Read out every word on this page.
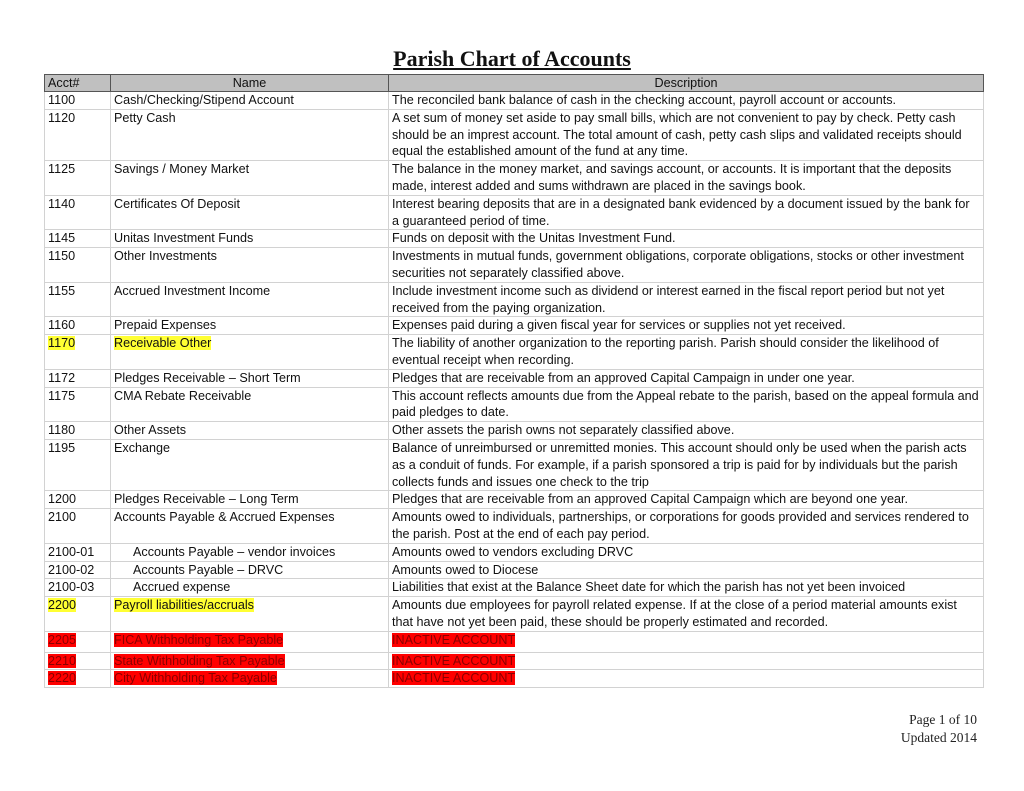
Parish Chart of Accounts
Acct#	Name	Description
1100	Cash/Checking/Stipend Account	The reconciled bank balance of cash in the checking account, payroll account or accounts.
1120	Petty Cash	A set sum of money set aside to pay small bills, which are not convenient to pay by check. Petty cash should be an imprest account. The total amount of cash, petty cash slips and validated receipts should equal the established amount of the fund at any time.
1125	Savings / Money Market	The balance in the money market, and savings account, or accounts. It is important that the deposits made, interest added and sums withdrawn are placed in the savings book.
1140	Certificates Of Deposit	Interest bearing deposits that are in a designated bank evidenced by a document issued by the bank for a guaranteed period of time.
1145	Unitas Investment Funds	Funds on deposit with the Unitas Investment Fund.
1150	Other Investments	Investments in mutual funds, government obligations, corporate obligations, stocks or other investment securities not separately classified above.
1155	Accrued Investment Income	Include investment income such as dividend or interest earned in the fiscal report period but not yet received from the paying organization.
1160	Prepaid Expenses	Expenses paid during a given fiscal year for services or supplies not yet received.
1170	Receivable Other	The liability of another organization to the reporting parish. Parish should consider the likelihood of eventual receipt when recording.
1172	Pledges Receivable – Short Term	Pledges that are receivable from an approved Capital Campaign in under one year.
1175	CMA Rebate Receivable	This account reflects amounts due from the Appeal rebate to the parish, based on the appeal formula and paid pledges to date.
1180	Other Assets	Other assets the parish owns not separately classified above.
1195	Exchange	Balance of unreimbursed or unremitted monies. This account should only be used when the parish acts as a conduit of funds. For example, if a parish sponsored a trip is paid for by individuals but the parish collects funds and issues one check to the trip
1200	Pledges Receivable – Long Term	Pledges that are receivable from an approved Capital Campaign which are beyond one year.
2100	Accounts Payable & Accrued Expenses	Amounts owed to individuals, partnerships, or corporations for goods provided and services rendered to the parish. Post at the end of each pay period.
2100-01	Accounts Payable – vendor invoices	Amounts owed to vendors excluding DRVC
2100-02	Accounts Payable – DRVC	Amounts owed to Diocese
2100-03	Accrued expense	Liabilities that exist at the Balance Sheet date for which the parish has not yet been invoiced
2200	Payroll liabilities/accruals	Amounts due employees for payroll related expense. If at the close of a period material amounts exist that have not yet been paid, these should be properly estimated and recorded.
2205	FICA Withholding Tax Payable	INACTIVE ACCOUNT
2210	State Withholding Tax Payable	INACTIVE ACCOUNT
2220	City Withholding Tax Payable	INACTIVE ACCOUNT
Page 1 of 10
Updated 2014
